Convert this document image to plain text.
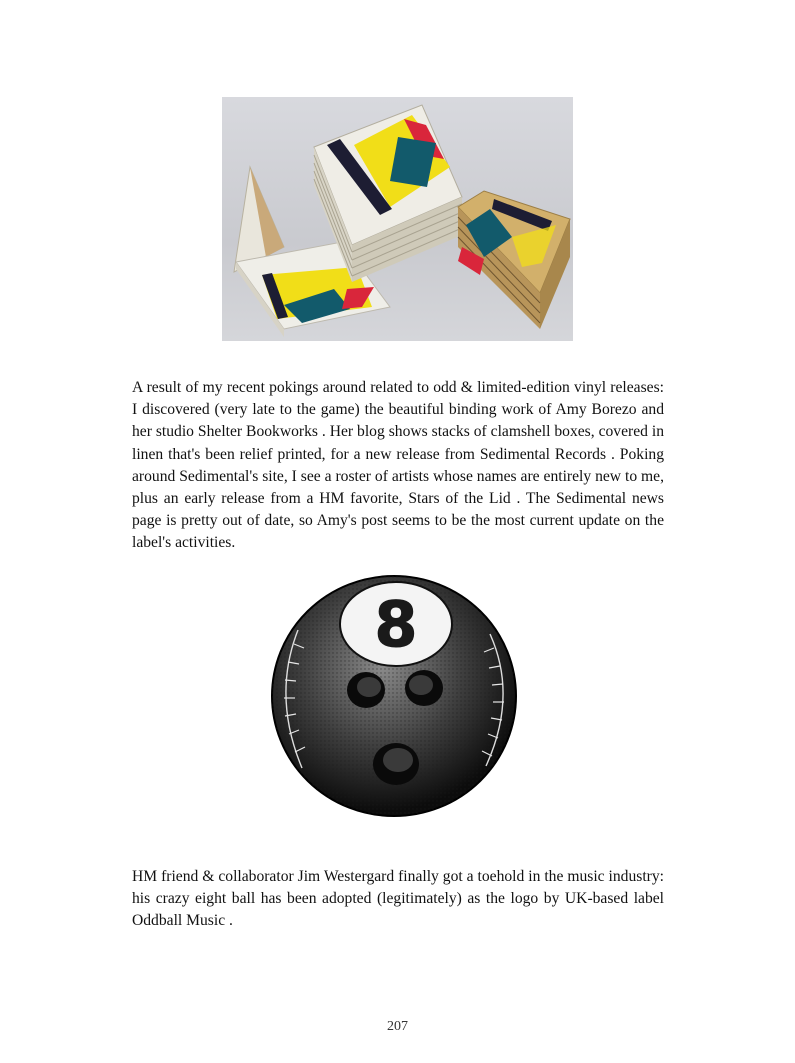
A result of my recent pokings around related to odd & limited-edition vinyl releases: I discovered (very late to the game) the beautiful binding work of Amy Borezo and her studio Shelter Bookworks . Her blog shows stacks of clamshell boxes, covered in linen that's been relief printed, for a new release from Sedimental Records . Poking around Sedimental's site, I see a roster of artists whose names are entirely new to me, plus an early release from a HM favorite, Stars of the Lid . The Sedimental news page is pretty out of date, so Amy's post seems to be the most current update on the label's activities.

8

HM friend & collaborator Jim Westergard finally got a toehold in the music industry: his crazy eight ball has been adopted (legitimately) as the logo by UK-based label Oddball Music .

207
